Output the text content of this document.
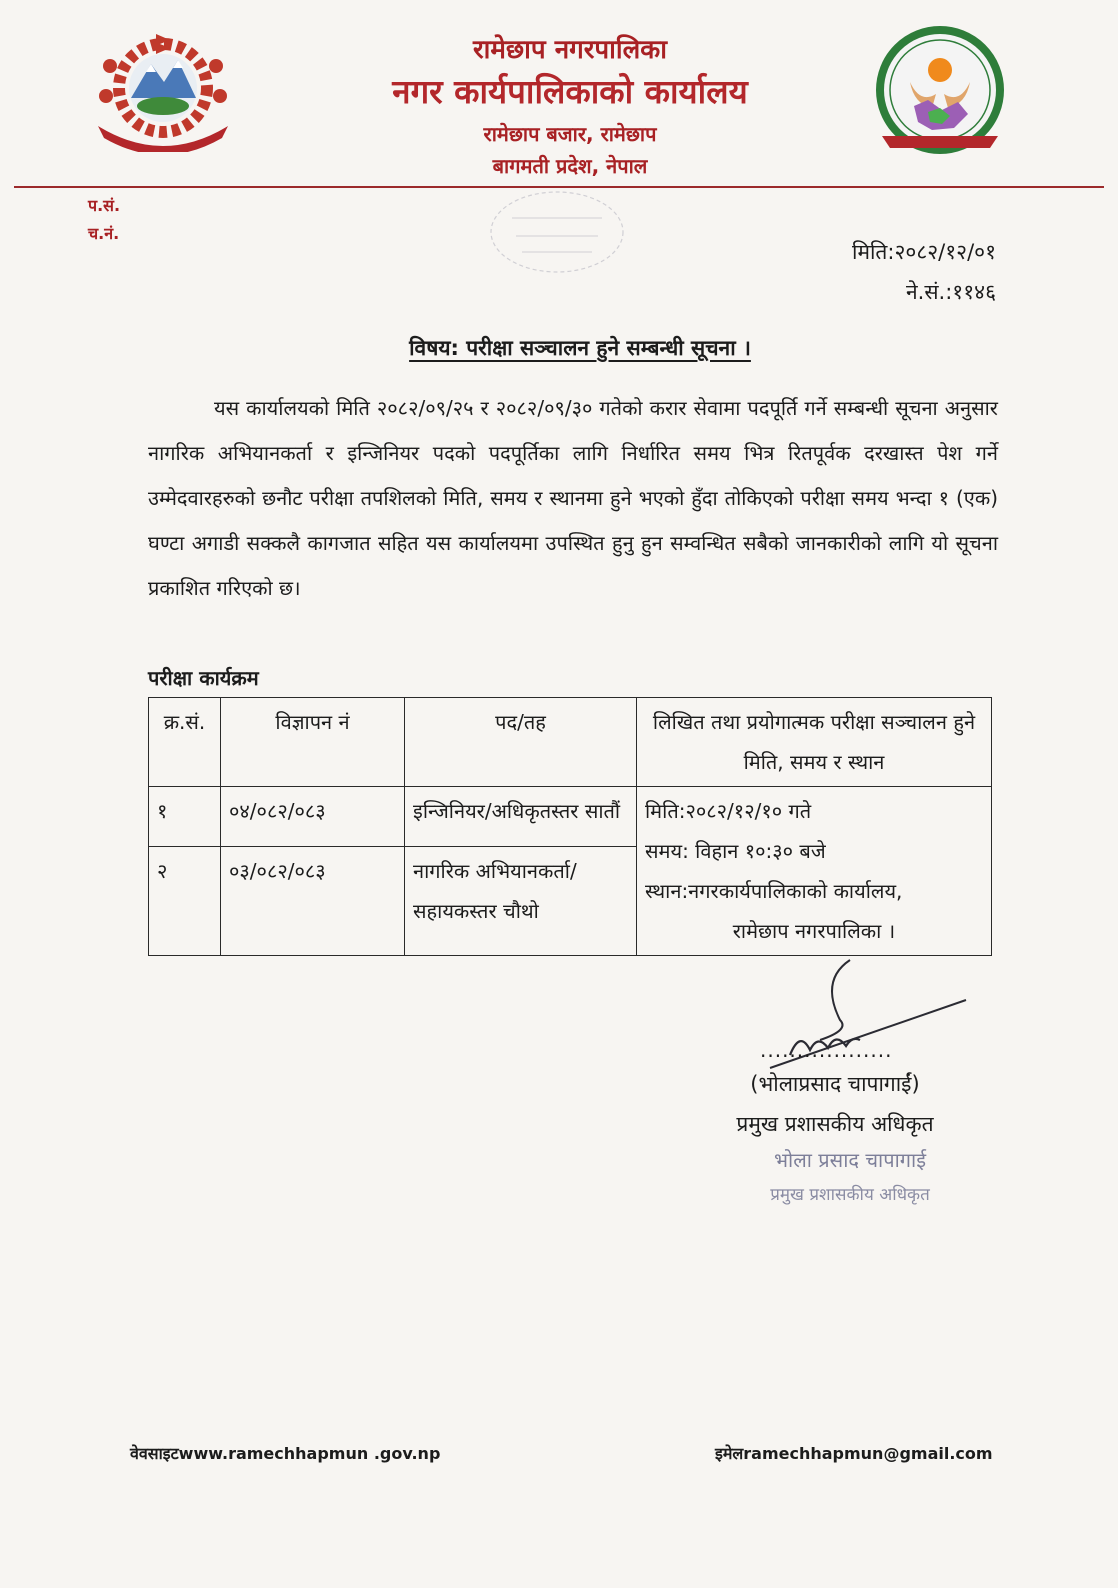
रामेछाप नगरपालिका
नगर कार्यपालिकाको कार्यालय
रामेछाप बजार, रामेछाप
बागमती प्रदेश, नेपाल
प.सं.
च.नं.
मिति:२०८२/१२/०१
ने.सं.:११४६
विषय: परीक्षा सञ्चालन हुने सम्बन्धी सूचना ।

यस कार्यालयको मिति २०८२/०९/२५ र २०८२/०९/३० गतेको करार सेवामा पदपूर्ति गर्ने सम्बन्धी सूचना अनुसार नागरिक अभियानकर्ता र इन्जिनियर पदको पदपूर्तिका लागि निर्धारित समय भित्र रितपूर्वक दरखास्त पेश गर्ने उम्मेदवारहरुको छनौट परीक्षा तपशिलको मिति, समय र स्थानमा हुने भएको हुँदा तोकिएको परीक्षा समय भन्दा १ (एक) घण्टा अगाडी सक्कलै कागजात सहित यस कार्यालयमा उपस्थित हुनु हुन सम्वन्धित सबैको जानकारीको लागि यो सूचना प्रकाशित गरिएको छ।

परीक्षा कार्यक्रम
क्र.सं.	विज्ञापन नं	पद/तह	लिखित तथा प्रयोगात्मक परीक्षा सञ्चालन हुने मिति, समय र स्थान
१	०४/०८२/०८३	इन्जिनियर/अधिकृतस्तर सातौं	मिति:२०८२/१२/१० गते
समय: विहान १०:३० बजे
स्थान:नगरकार्यपालिकाको कार्यालय,
रामेछाप नगरपालिका ।

२	०३/०८२/०८३	नागरिक अभियानकर्ता/ सहायकस्तर चौथो	
..................
(भोलाप्रसाद चापागाईं)
प्रमुख प्रशासकीय अधिकृत
भोला प्रसाद चापागाई
प्रमुख प्रशासकीय अधिकृत
वेवसाइटwww.ramechhapmun .gov.np	इमेलramechhapmun@gmail.com
